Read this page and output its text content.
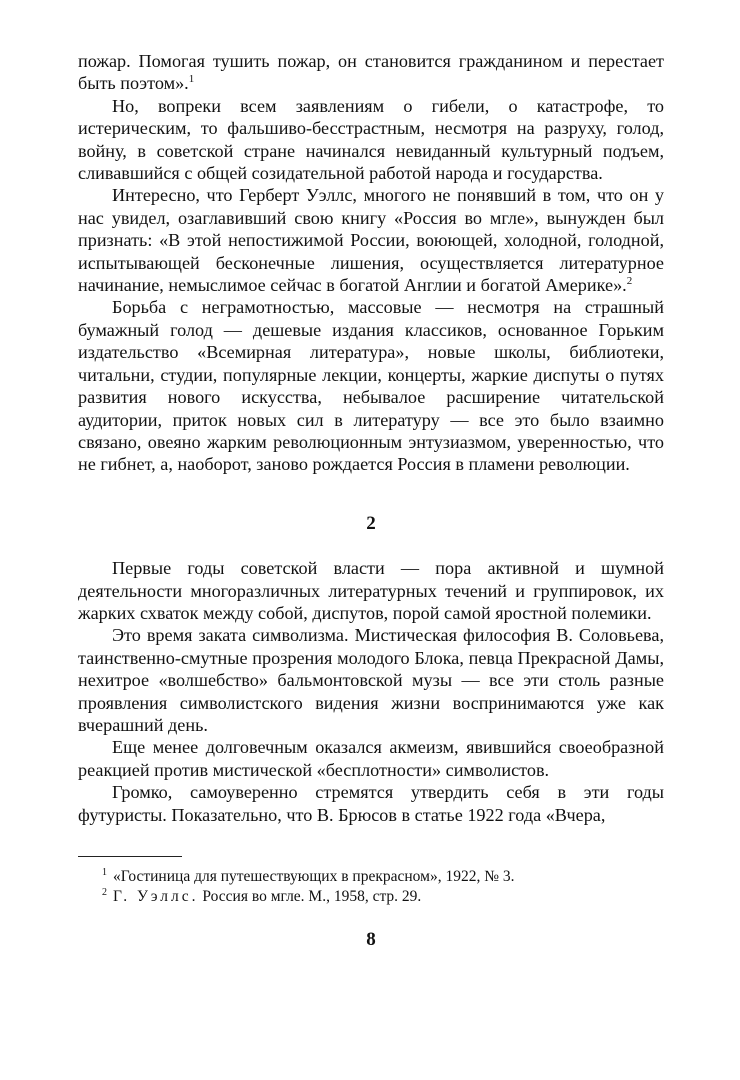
пожар. Помогая тушить пожар, он становится гражданином и перестает быть поэтом».$^1$

Но, вопреки всем заявлениям о гибели, о катастрофе, то истерическим, то фальшиво-бесстрастным, несмотря на разруху, голод, войну, в советской стране начинался невиданный культурный подъем, сливавшийся с общей созидательной работой народа и государства.

Интересно, что Герберт Уэллс, многого не понявший в том, что он у нас увидел, озаглавивший свою книгу «Россия во мгле», вынужден был признать: «В этой непостижимой России, воюющей, холодной, голодной, испытывающей бесконечные лишения, осуществляется литературное начинание, немыслимое сейчас в богатой Англии и богатой Америке».$^2$

Борьба с неграмотностью, массовые — несмотря на страшный бумажный голод — дешевые издания классиков, основанное Горьким издательство «Всемирная литература», новые школы, библиотеки, читальни, студии, популярные лекции, концерты, жаркие диспуты о путях развития нового искусства, небывалое расширение читательской аудитории, приток новых сил в литературу — все это было взаимно связано, овеяно жарким революционным энтузиазмом, уверенностью, что не гибнет, а, наоборот, заново рождается Россия в пламени революции.

2

Первые годы советской власти — пора активной и шумной деятельности многоразличных литературных течений и группировок, их жарких схваток между собой, диспутов, порой самой яростной полемики.

Это время заката символизма. Мистическая философия В. Соловьева, таинственно-смутные прозрения молодого Блока, певца Прекрасной Дамы, нехитрое «волшебство» бальмонтовской музы — все эти столь разные проявления символистского видения жизни воспринимаются уже как вчерашний день.

Еще менее долговечным оказался акмеизм, явившийся своеобразной реакцией против мистической «бесплотности» символистов.

Громко, самоуверенно стремятся утвердить себя в эти годы футуристы. Показательно, что В. Брюсов в статье 1922 года «Вчера,

$^1$ «Гостиница для путешествующих в прекрасном», 1922, № 3.

$^2$ Г. Уэллс. Россия во мгле. М., 1958, стр. 29.

8
